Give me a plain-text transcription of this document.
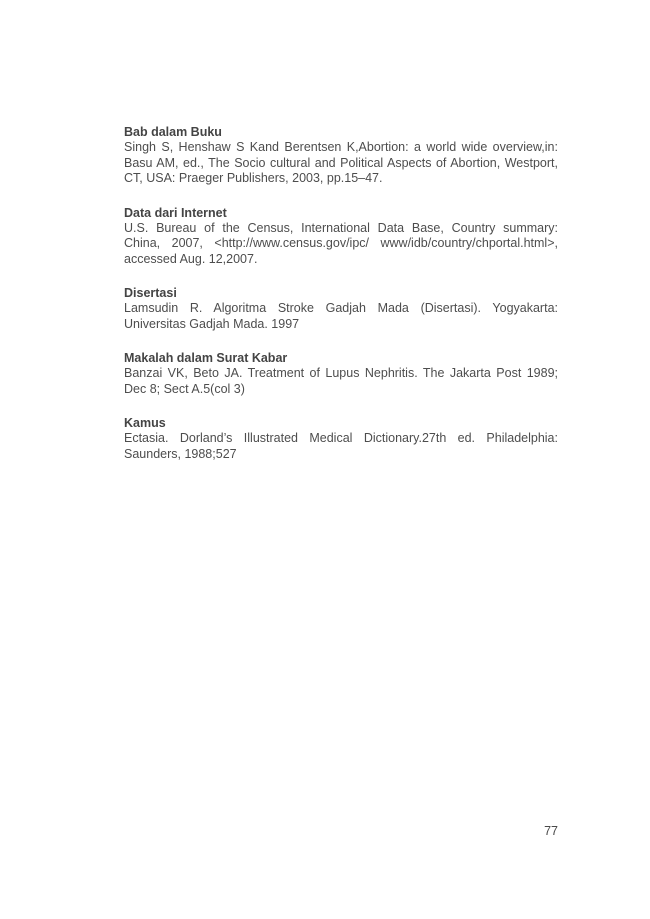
Bab dalam Buku

Singh S, Henshaw S Kand Berentsen K,Abortion: a world wide overview,in: Basu AM, ed., The Socio cultural and Political Aspects of Abortion, Westport, CT, USA: Praeger Publishers, 2003, pp.15–47.

Data dari Internet

U.S. Bureau of the Census, International Data Base, Country summary: China, 2007, <http://www.census.gov/ipc/ www/idb/country/chportal.html>, accessed Aug. 12,2007.

Disertasi

Lamsudin R. Algoritma Stroke Gadjah Mada (Disertasi). Yogyakarta: Universitas Gadjah Mada. 1997

Makalah dalam Surat Kabar

Banzai VK, Beto JA. Treatment of Lupus Nephritis. The Jakarta Post 1989; Dec 8; Sect A.5(col 3)

Kamus

Ectasia. Dorland’s Illustrated Medical Dictionary.27th ed. Philadelphia: Saunders, 1988;527

77
